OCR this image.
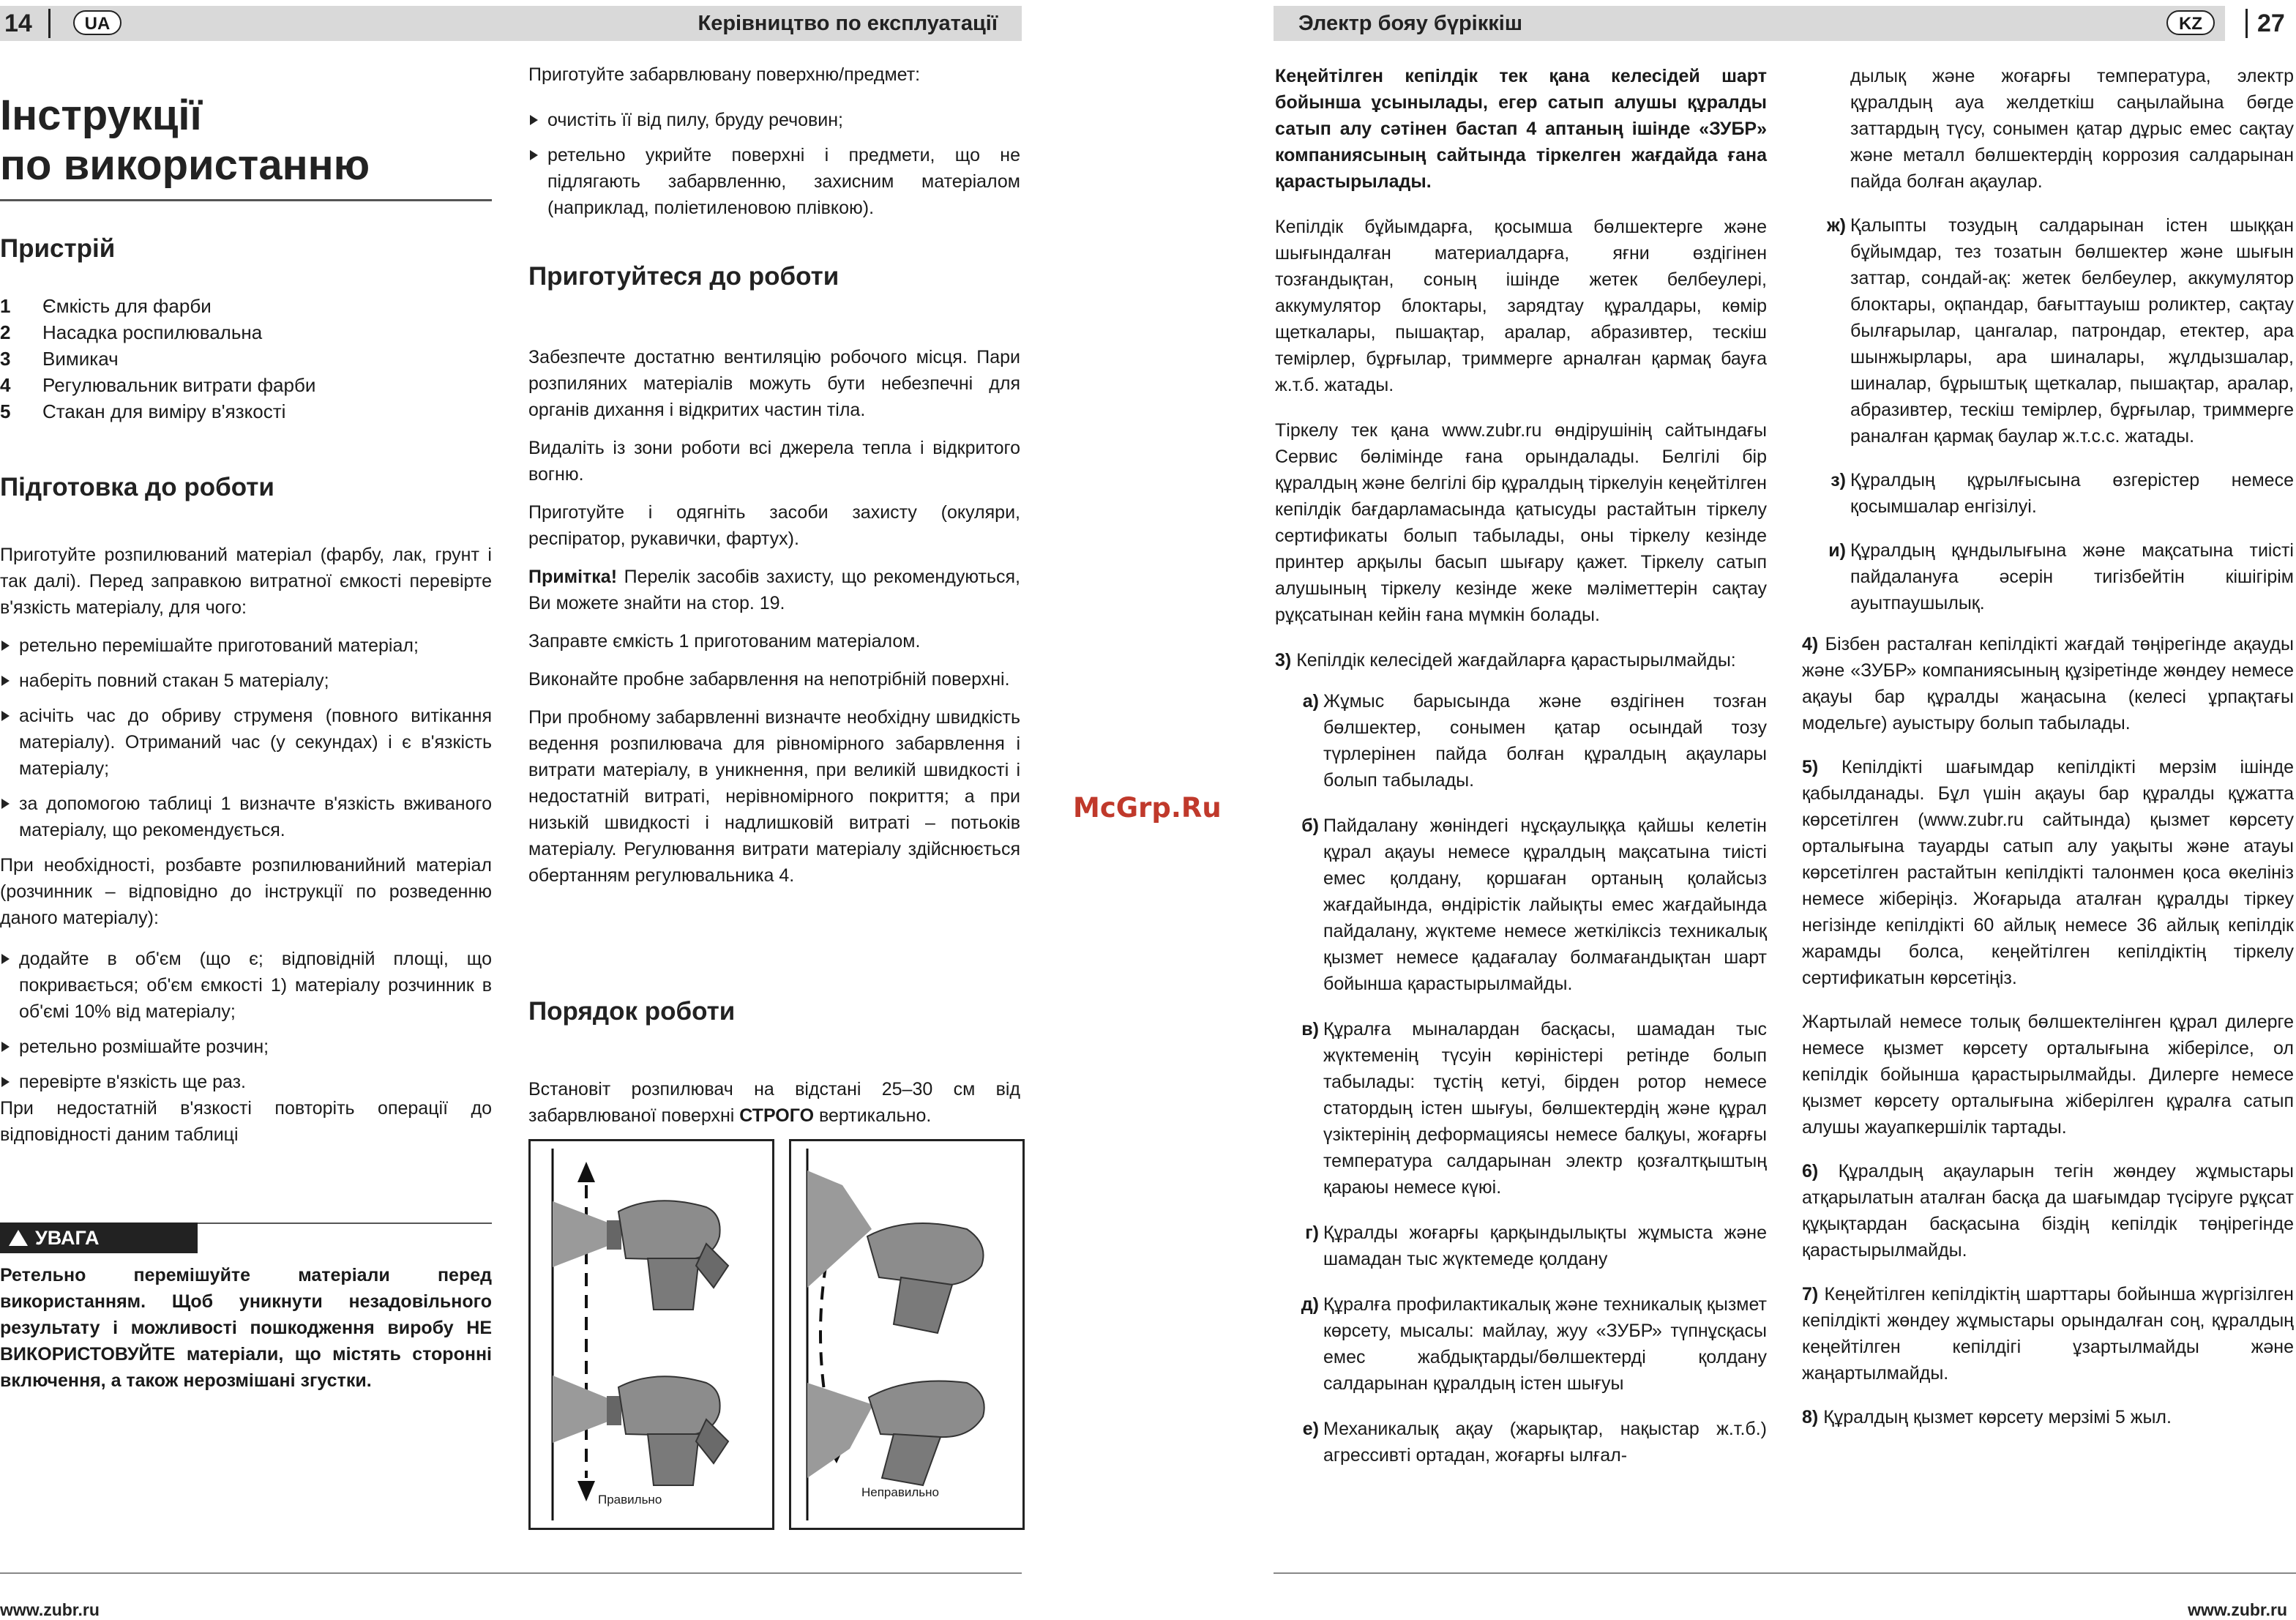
14	UA	Керівництво по експлуатації
Інструкції
по використанню
Пристрій
1	Ємкість для фарби
2	Насадка роспилювальна
3	Вимикач
4	Регулювальник витрати фарби
5	Стакан для виміру в'язкості
Підготовка до роботи

Приготуйте розпилюваний матеріал (фарбу, лак, грунт і так далі). Перед заправкою витратної ємкості перевірте в'язкість матеріалу, для чого:

ретельно перемішайте приготований матеріал;
наберіть повний стакан 5 матеріалу;
асічіть час до обриву струменя (повного витікання матеріалу). Отриманий час (у секундах) і є в'язкість матеріалу;
за допомогою таблиці 1 визначте в'язкість вживаного матеріалу, що рекомендується.

При необхідності, розбавте розпилюванийний матеріал (розчинник – відповідно до інструкції по розведенню даного матеріалу):

додайте в об'єм (що є; відповідній площі, що покривається; об'єм ємкості 1) матеріалу розчинник в об'ємі 10% від матеріалу;
ретельно розмішайте розчин;
перевірте в'язкість ще раз.

При недостатній в'язкості повторіть операції до відповідності даним таблиці

УВАГА
Ретельно перемішуйте матеріали перед використанням. Щоб уникнути незадовільного результату і можливості пошкодження виробу НЕ ВИКОРИСТОВУЙТЕ матеріали, що містять сторонні включення, а також нерозмішані згустки.

Приготуйте забарвлювану поверхню/предмет:

очистіть її від пилу, бруду речовин;
ретельно укрийте поверхні і предмети, що не підлягають забарвленню, захисним матеріалом (наприклад, поліетиленовою плівкою).
Приготуйтеся до роботи

Забезпечте достатню вентиляцію робочого місця. Пари розпиляних матеріалів можуть бути небезпечні для органів дихання і відкритих частин тіла.

Видаліть із зони роботи всі джерела тепла і відкритого вогню.

Приготуйте і одягніть засоби захисту (окуляри, респіратор, рукавички, фартух).

Примітка! Перелік засобів захисту, що рекомендуються, Ви можете знайти на стор. 19.

Заправте ємкість 1 приготованим матеріалом.

Виконайте пробне забарвлення на непотрібній поверхні.

При пробному забарвленні визначте необхідну швидкість ведення розпилювача для рівномірного забарвлення і витрати матеріалу, в уникнення, при великій швидкості і недостатній витраті, нерівномірного покриття; а при низькій швидкості і надлишковій витраті – потьоків матеріалу. Регулювання витрати матеріалу здійснюється обертанням регулювальника 4.

Порядок роботи

Встановіт розпилювач на відстані 25–30 см від забарвлюваної поверхні СТРОГО вертикально.

Правильно
Неправильно
www.zubr.ru
McGrp.Ru
Электр бояу бүріккіш	KZ	27

Кеңейтілген кепілдік тек қана келесідей шарт бойынша ұсынылады, егер сатып алушы құралды сатып алу сәтінен бастап 4 аптаның ішінде «ЗУБР» компаниясының сайтында тіркелген жағдайда ғана қарастырылады.

Кепілдік бұйымдарға, қосымша бөлшектерге және шығындалған материалдарға, яғни өздігінен тозғандықтан, соның ішінде жетек белбеулері, аккумулятор блоктары, зарядтау құралдары, көмір щеткалары, пышақтар, аралар, абразивтер, тескіш темірлер, бұрғылар, триммерге арналған қармақ бауға ж.т.б. жатады.

Тіркелу тек қана www.zubr.ru өндірушінің сайтындағы Сервис бөлімінде ғана орындалады. Белгілі бір құралдың және белгілі бір құралдың тіркелуін кеңейтілген кепілдік бағдарламасында қатысуды растайтын тіркелу сертификаты болып табылады, оны тіркелу кезінде принтер арқылы басып шығару қажет. Тіркелу сатып алушының тіркелу кезінде жеке мәліметтерін сақтау рұқсатынан кейін ғана мүмкін болады.

3) Кепілдік келесідей жағдайларға қарастырылмайды:

а) Жұмыс барысында және өздігінен тозған бөлшектер, сонымен қатар осындай тозу түрлерінен пайда болған құралдың ақаулары болып табылады.
б) Пайдалану жөніндегі нұсқаулыққа қайшы келетін құрал ақауы немесе құралдың мақсатына тиісті емес қолдану, қоршаған ортаның қолайсыз жағдайында, өндірістік лайықты емес жағдайында пайдалану, жүктеме немесе жеткіліксіз техникалық қызмет немесе қадағалау болмағандықтан шарт бойынша қарастырылмайды.
в) Құралға мыналардан басқасы, шамадан тыс жүктеменің түсуін көріністері ретінде болып табылады: тұстің кетуі, бірден ротор немесе статордың істен шығуы, бөлшектердің және құрал үзіктерінің деформациясы немесе балқуы, жоғарғы температура салдарынан электр қозғалтқыштың қараюы немесе күюі.
г) Құралды жоғарғы қарқындылықты жұмыста және шамадан тыс жүктемеде қолдану
д) Құралға профилактикалық және техникалық қызмет көрсету, мысалы: майлау, жуу «ЗУБР» түпнұсқасы емес жабдықтарды/бөлшектерді қолдану салдарынан құралдың істен шығуы
е) Механикалық ақау (жарықтар, нақыстар ж.т.б.) агрессивті ортадан, жоғарғы ылғал-
дылық және жоғарғы температура, электр құралдың ауа желдеткіш саңылайына бөгде заттардың түсу, сонымен қатар дұрыс емес сақтау және металл бөлшектердің коррозия салдарынан пайда болған ақаулар.
ж) Қалыпты тозудың салдарынан істен шыққан бұйымдар, тез тозатын бөлшектер және шығын заттар, сондай-ақ: жетек белбеулер, аккумулятор блоктары, оқпандар, бағыттауыш роликтер, сақтау былғарылар, цангалар, патрондар, етектер, ара шынжырлары, ара шиналары, жұлдызшалар, шиналар, бұрыштық щеткалар, пышақтар, аралар, абразивтер, тескіш темірлер, бұрғылар, триммерге раналған қармақ баулар ж.т.с.с. жатады.
з) Құралдың құрылғысына өзгерістер немесе қосымшалар енгізілуі.
и) Құралдың құндылығына және мақсатына тиісті пайдалануға әсерін тигізбейтін кішігірім ауытпаушылық.

4) Бізбен расталған кепілдікті жағдай төңірегінде ақауды және «ЗУБР» компаниясының құзіретінде жөндеу немесе ақауы бар құралды жаңасына (келесі ұрпақтағы модельге) ауыстыру болып табылады.

5) Кепілдікті шағымдар кепілдікті мерзім ішінде қабылданады. Бұл үшін ақауы бар құралды құжатта көрсетілген (www.zubr.ru сайтында) қызмет көрсету орталығына тауарды сатып алу уақыты және атауы көрсетілген растайтын кепілдікті талонмен қоса өкелініз немесе жіберіңіз. Жоғарыда аталған құралды тіркеу негізінде кепілдікті 60 айлық немесе 36 айлық кепілдік жарамды болса, кеңейтілген кепілдіктің тіркелу сертификатын көрсетіңіз.

Жартылай немесе толық бөлшектелінген құрал дилерге немесе қызмет көрсету орталығына жіберілсе, ол кепілдік бойынша қарастырылмайды. Дилерге немесе қызмет көрсету орталығына жіберілген құралға сатып алушы жауапкершілік тартады.

6) Құралдың ақауларын тегін жөндеу жұмыстары атқарылатын аталған басқа да шағымдар түсіруге рұқсат құқықтардан басқасына біздің кепілдік төңірегінде қарастырылмайды.

7) Кеңейтілген кепілдіктің шарттары бойынша жүргізілген кепілдікті жөндеу жұмыстары орындалған соң, құралдың кеңейтілген кепілдігі ұзартылмайды және жаңартылмайды.

8) Құралдың қызмет көрсету мерзімі 5 жыл.

www.zubr.ru
